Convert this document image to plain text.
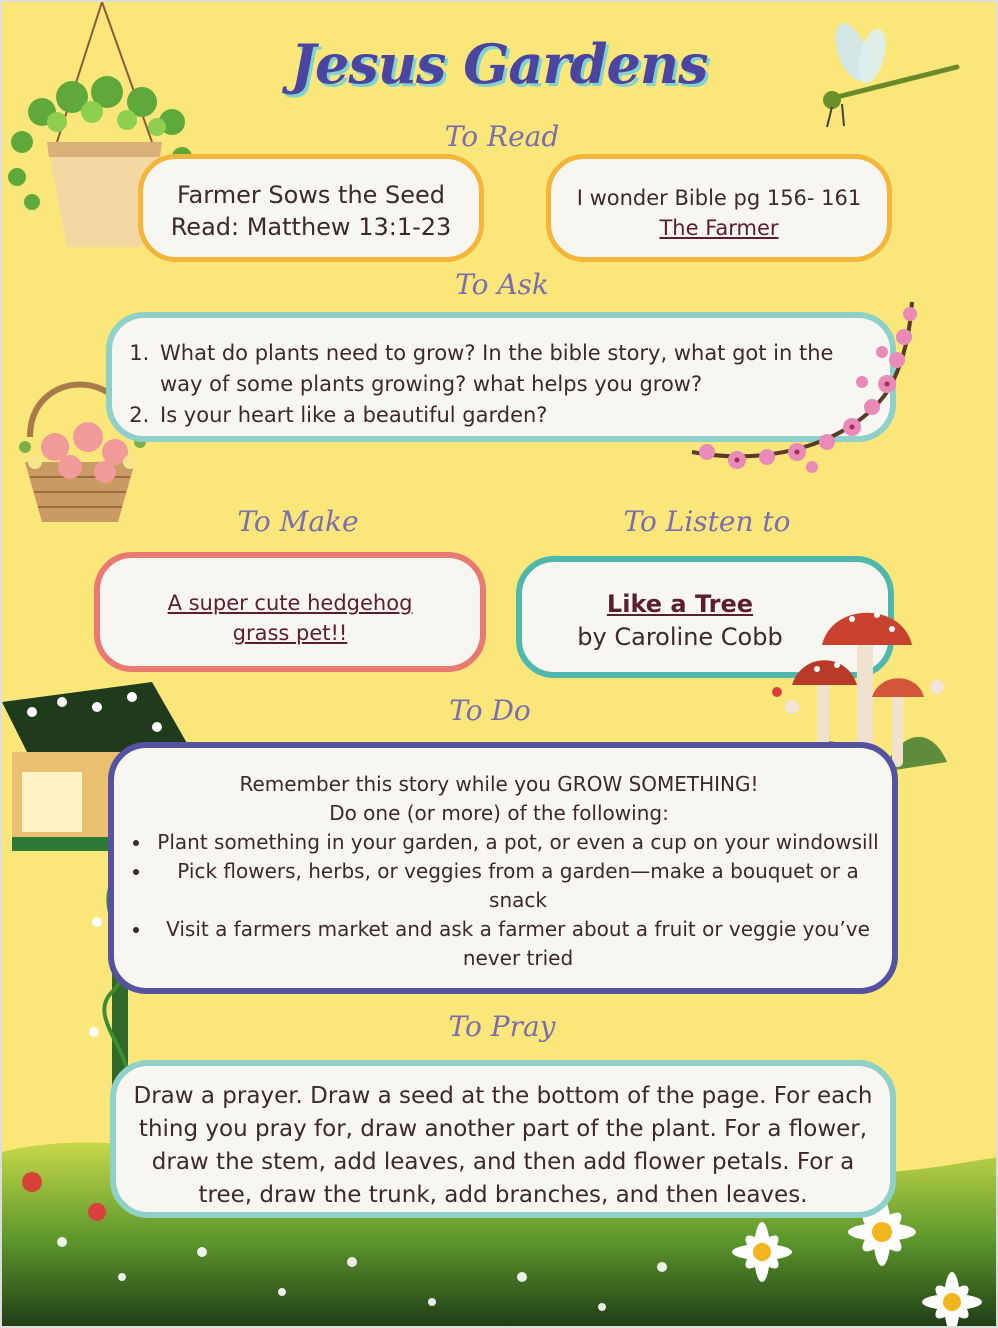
Jesus Gardens
To Read
Farmer Sows the Seed
Read: Matthew 13:1-23
I wonder Bible pg 156- 161
The Farmer
To Ask
1. What do plants need to grow? In the bible story, what got in the way of some plants growing? what helps you grow?
2. Is your heart like a beautiful garden?
To Make
A super cute hedgehog
grass pet!!
To Listen to
Like a Tree
by Caroline Cobb
To Do
Remember this story while you GROW SOMETHING!
Do one (or more) of the following:
• Plant something in your garden, a pot, or even a cup on your windowsill
• Pick flowers, herbs, or veggies from a garden—make a bouquet or a snack
• Visit a farmers market and ask a farmer about a fruit or veggie you’ve never tried
To Pray
Draw a prayer. Draw a seed at the bottom of the page. For each thing you pray for, draw another part of the plant. For a flower, draw the stem, add leaves, and then add flower petals. For a tree, draw the trunk, add branches, and then leaves.
